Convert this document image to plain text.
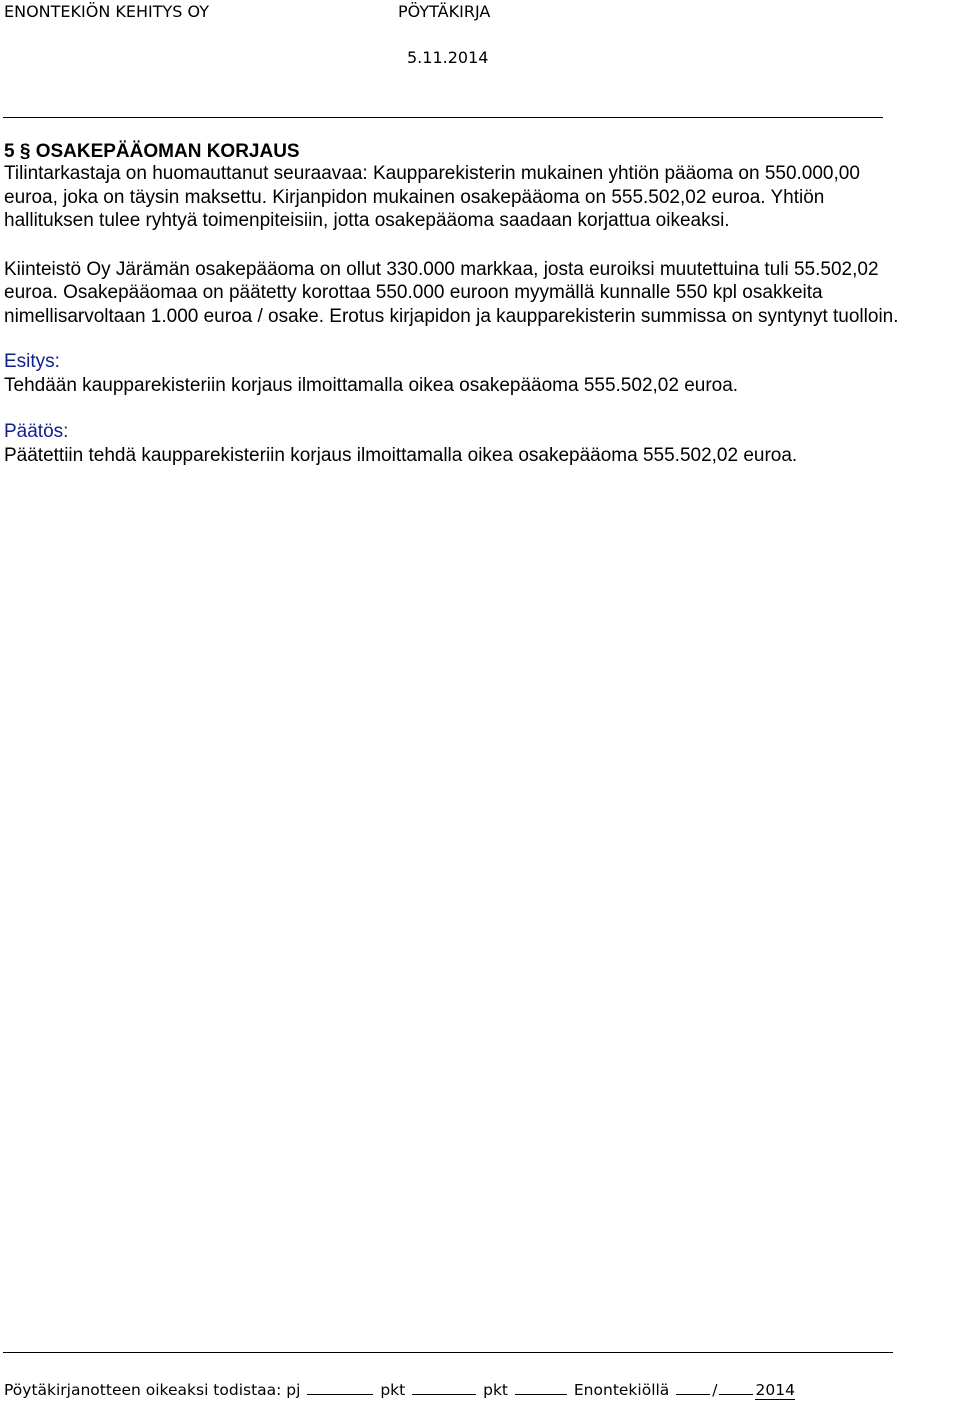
ENONTEKIÖN KEHITYS OY	PÖYTÄKIRJA
5.11.2014

5 § OSAKEPÄÄOMAN KORJAUS

Tilintarkastaja on huomauttanut seuraavaa: Kaupparekisterin mukainen yhtiön pääoma on 550.000,00

euroa, joka on täysin maksettu. Kirjanpidon mukainen osakepääoma on 555.502,02 euroa. Yhtiön

hallituksen tulee ryhtyä toimenpiteisiin, jotta osakepääoma saadaan korjattua oikeaksi.

Kiinteistö Oy Järämän osakepääoma on ollut 330.000 markkaa, josta euroiksi muutettuina tuli 55.502,02

euroa. Osakepääomaa on päätetty korottaa 550.000 euroon myymällä kunnalle 550 kpl osakkeita

nimellisarvoltaan 1.000 euroa / osake. Erotus kirjapidon ja kaupparekisterin summissa on syntynyt tuolloin.

Esitys:

Tehdään kaupparekisteriin korjaus ilmoittamalla oikea osakepääoma 555.502,02 euroa.

Päätös:

Päätettiin tehdä kaupparekisteriin korjaus ilmoittamalla oikea osakepääoma 555.502,02 euroa.

Pöytäkirjanotteen oikeaksi todistaa: pj	pkt	pkt	Enontekiöllä	/ 2014
